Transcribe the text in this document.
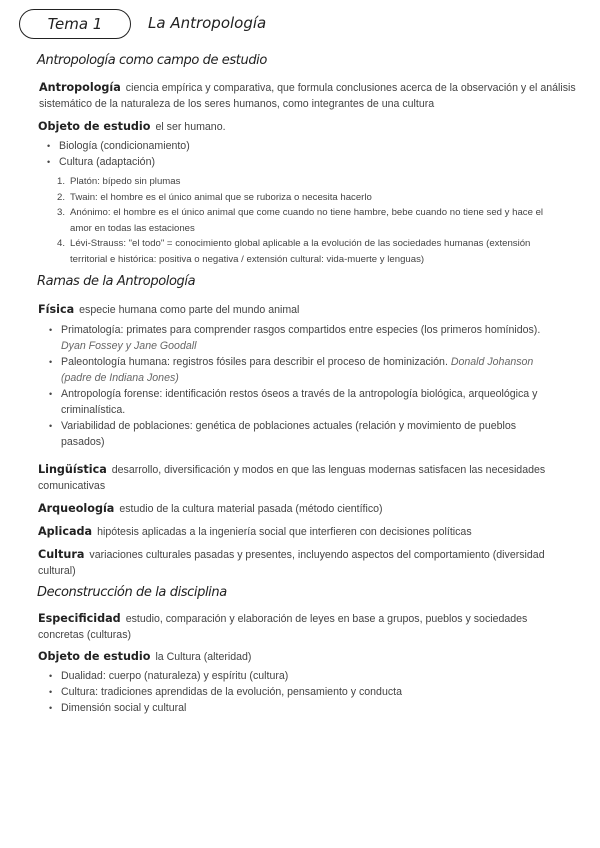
Tema 1	La Antropología
Antropología como campo de estudio
Antropología ciencia empírica y comparativa, que formula conclusiones acerca de la observación y el análisis sistemático de la naturaleza de los seres humanos, como integrantes de una cultura
Objeto de estudio el ser humano.
• Biología (condicionamiento)
• Cultura (adaptación)
1. Platón: bípedo sin plumas
2. Twain: el hombre es el único animal que se ruboriza o necesita hacerlo
3. Anónimo: el hombre es el único animal que come cuando no tiene hambre, bebe cuando no tiene sed y hace el amor en todas las estaciones
4. Lévi-Strauss: "el todo" = conocimiento global aplicable a la evolución de las sociedades humanas (extensión territorial e histórica: positiva o negativa / extensión cultural: vida-muerte y lenguas)
Ramas de la Antropología
Física especie humana como parte del mundo animal
• Primatología: primates para comprender rasgos compartidos entre especies (los primeros homínidos). Dyan Fossey y Jane Goodall
• Paleontología humana: registros fósiles para describir el proceso de hominización. Donald Johanson (padre de Indiana Jones)
• Antropología forense: identificación restos óseos a través de la antropología biológica, arqueológica y criminalística.
• Variabilidad de poblaciones: genética de poblaciones actuales (relación y movimiento de pueblos pasados)
Lingüística desarrollo, diversificación y modos en que las lenguas modernas satisfacen las necesidades comunicativas
Arqueología estudio de la cultura material pasada (método científico)
Aplicada hipótesis aplicadas a la ingeniería social que interfieren con decisiones políticas
Cultura variaciones culturales pasadas y presentes, incluyendo aspectos del comportamiento (diversidad cultural)
Deconstrucción de la disciplina
Especificidad estudio, comparación y elaboración de leyes en base a grupos, pueblos y sociedades concretas (culturas)
Objeto de estudio la Cultura (alteridad)
• Dualidad: cuerpo (naturaleza) y espíritu (cultura)
• Cultura: tradiciones aprendidas de la evolución, pensamiento y conducta
• Dimensión social y cultural
